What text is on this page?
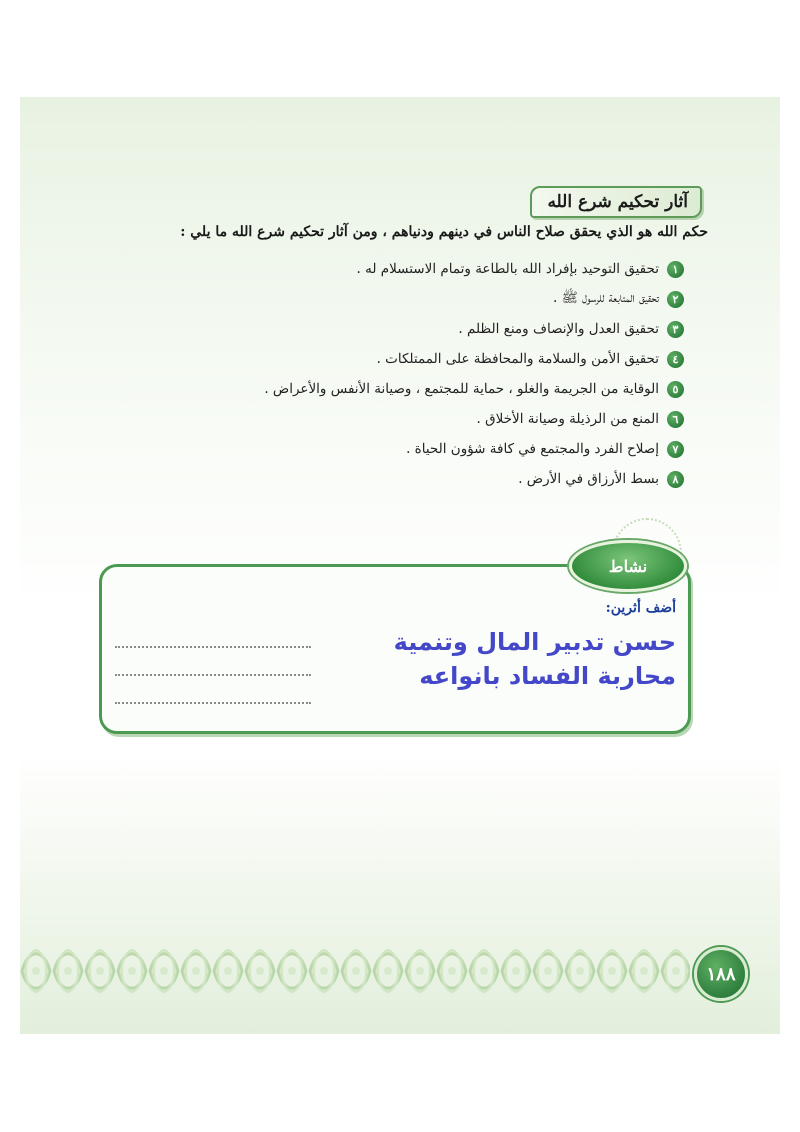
آثار تحكيم شرع الله
حكم الله هو الذي يحقق صلاح الناس في دينهم ودنياهم ، ومن آثار تحكيم شرع الله ما يلي :
١
تحقيق التوحيد بإفراد الله بالطاعة وتمام الاستسلام له .
٢
تحقيق المتابعة للرسول ﷺ .
٣
تحقيق العدل والإنصاف ومنع الظلم .
٤
تحقيق الأمن والسلامة والمحافظة على الممتلكات .
٥
الوقاية من الجريمة والغلو ، حماية للمجتمع ، وصيانة الأنفس والأعراض .
٦
المنع من الرذيلة وصيانة الأخلاق .
٧
إصلاح الفرد والمجتمع في كافة شؤون الحياة .
٨
بسط الأرزاق في الأرض .
نشاط
أضف أثرين:
حسن تدبير المال وتنمية
محاربة الفساد بانواعه
١٨٨
